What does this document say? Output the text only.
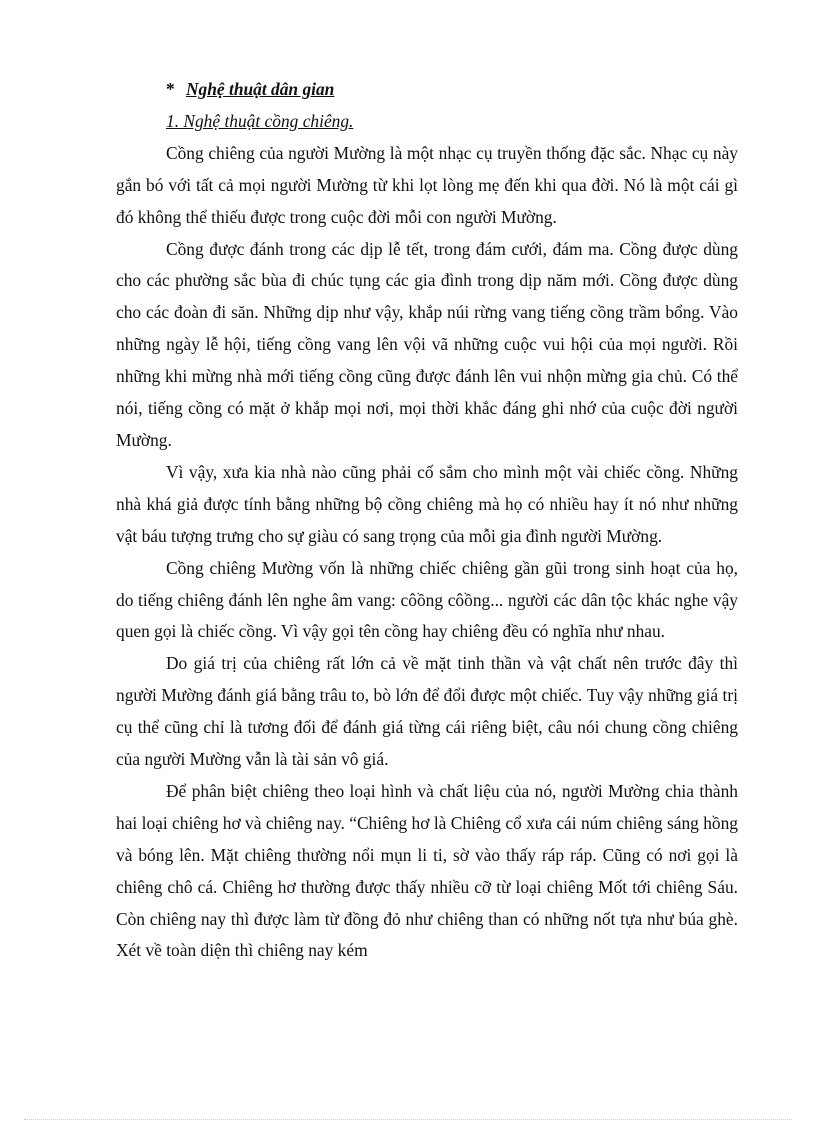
* Nghệ thuật dân gian

1. Nghệ thuật cồng chiêng.

Cồng chiêng của người Mường là một nhạc cụ truyền thống đặc sắc. Nhạc cụ này gắn bó với tất cả mọi người Mường từ khi lọt lòng mẹ đến khi qua đời. Nó là một cái gì đó không thể thiếu được trong cuộc đời mỗi con người Mường.

Cồng được đánh trong các dịp lễ tết, trong đám cưới, đám ma. Cồng được dùng cho các phường sắc bùa đi chúc tụng các gia đình trong dịp năm mới. Cồng được dùng cho các đoàn đi săn. Những dịp như vậy, khắp núi rừng vang tiếng cồng trầm bổng. Vào những ngày lễ hội, tiếng cồng vang lên vội vã những cuộc vui hội của mọi người. Rồi những khi mừng nhà mới tiếng cồng cũng được đánh lên vui nhộn mừng gia chủ. Có thể nói, tiếng cồng có mặt ở khắp mọi nơi, mọi thời khắc đáng ghi nhớ của cuộc đời người Mường.

Vì vậy, xưa kia nhà nào cũng phải cố sắm cho mình một vài chiếc cồng. Những nhà khá giả được tính bằng những bộ cồng chiêng mà họ có nhiều hay ít nó như những vật báu tượng trưng cho sự giàu có sang trọng của mỗi gia đình người Mường.

Cồng chiêng Mường vốn là những chiếc chiêng gần gũi trong sinh hoạt của họ, do tiếng chiêng đánh lên nghe âm vang: côồng côồng... người các dân tộc khác nghe vậy quen gọi là chiếc cồng. Vì vậy gọi tên cồng hay chiêng đều có nghĩa như nhau.

Do giá trị của chiêng rất lớn cả về mặt tinh thần và vật chất nên trước đây thì người Mường đánh giá bằng trâu to, bò lớn để đổi được một chiếc. Tuy vậy những giá trị cụ thể cũng chỉ là tương đối để đánh giá từng cái riêng biệt, câu nói chung cồng chiêng của người Mường vẫn là tài sản vô giá.

Để phân biệt chiêng theo loại hình và chất liệu của nó, người Mường chia thành hai loại chiêng hơ và chiêng nay. “Chiêng hơ là Chiêng cổ xưa cái núm chiêng sáng hồng và bóng lên. Mặt chiêng thường nổi mụn li ti, sờ vào thấy ráp ráp. Cũng có nơi gọi là chiêng chô cá. Chiêng hơ thường được thấy nhiều cỡ từ loại chiêng Mốt tới chiêng Sáu. Còn chiêng nay thì được làm từ đồng đỏ như chiêng than có những nốt tựa như búa ghè. Xét về toàn diện thì chiêng nay kém
